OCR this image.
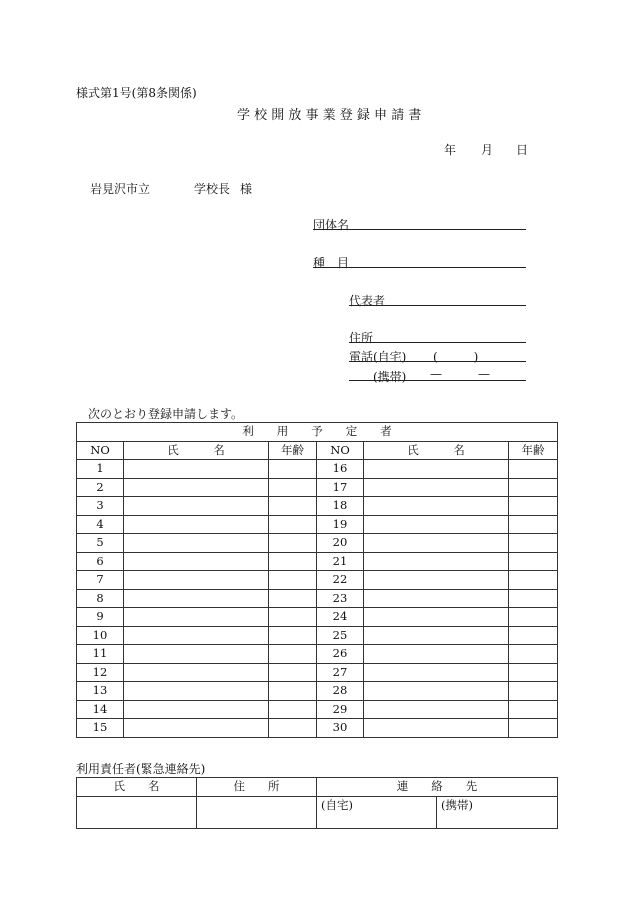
様式第1号(第8条関係)
学 校 開 放 事 業 登 録 申 請 書
年 月 日
岩見沢市立	学校長 様
団体名
種　目
代表者
住所
電話(自宅) (　　　)
(携帯) —	—
次のとおり登録申請します。
利　　用　　予　　定　　者					
NO	氏　　　名	年齢	NO	氏　　　名	年齢
1			16		
2			17		
3			18		
4			19		
5			20		
6			21		
7			22		
8			23		
9			24		
10			25		
11			26		
12			27		
13			28		
14			29		
15			30		
利用責任者(緊急連絡先)
氏　　名	住　　所	連　　絡　　先	
		(自宅)	(携帯)
